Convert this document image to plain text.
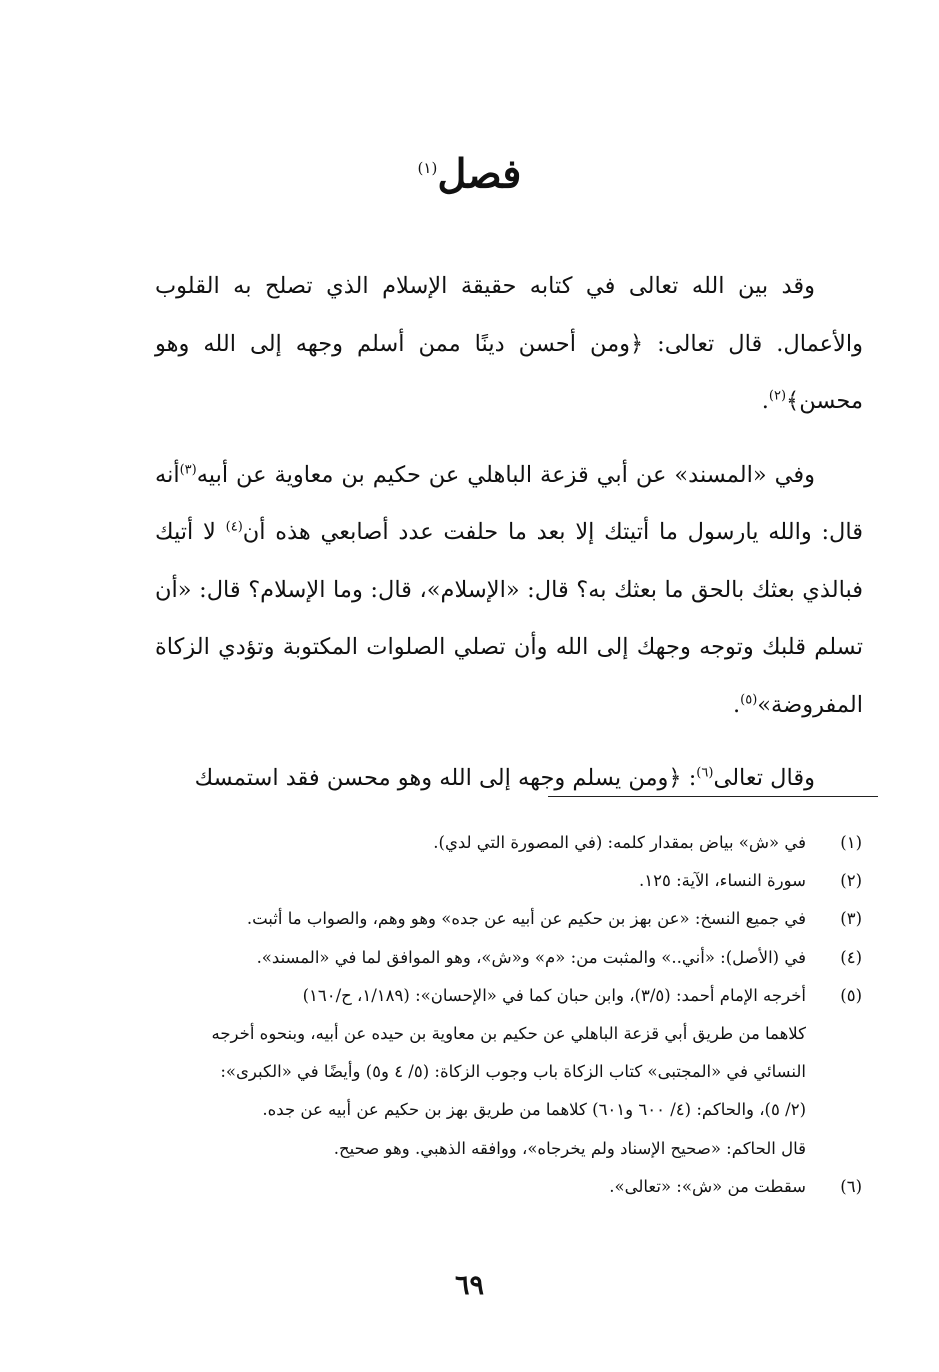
فصل$^{(١)}$

وقد بين الله تعالى في كتابه حقيقة الإسلام الذي تصلح به القلوب والأعمال. قال تعالى: ﴿ومن أحسن دينًا ممن أسلم وجهه إلى الله وهو محسن﴾$^{(٢)}$.

وفي «المسند» عن أبي قزعة الباهلي عن حكيم بن معاوية عن أبيه$^{(٣)}$أنه قال: والله يارسول ما أتيتك إلا بعد ما حلفت عدد أصابعي هذه أن$^{(٤)}$ لا أتيك فبالذي بعثك بالحق ما بعثك به؟ قال: «الإسلام»، قال: وما الإسلام؟ قال: «أن تسلم قلبك وتوجه وجهك إلى الله وأن تصلي الصلوات المكتوبة وتؤدي الزكاة المفروضة»$^{(٥)}$.

وقال تعالى$^{(٦)}$: ﴿ومن يسلم وجهه إلى الله وهو محسن فقد استمسك

(١)
في «ش» بياض بمقدار كلمه: (في المصورة التي لدي).
(٢)
سورة النساء، الآية: ١٢٥.
(٣)
في جميع النسخ: «عن بهز بن حكيم عن أبيه عن جده» وهو وهم، والصواب ما أثبت.
(٤)
في (الأصل): «أني..» والمثبت من: «م» و«ش»، وهو الموافق لما في «المسند».
(٥)
أخرجه الإمام أحمد: (٣/٥)، وابن حبان كما في «الإحسان»: (١/١٨٩، ح/١٦٠)
كلاهما من طريق أبي قزعة الباهلي عن حكيم بن معاوية بن حيده عن أبيه، وبنحوه أخرجه
النسائي في «المجتبى» كتاب الزكاة باب وجوب الزكاة: (٥/ ٤ و٥) وأيضًا في «الكبرى»:
(٢/ ٥)، والحاكم: (٤/ ٦٠٠ و٦٠١) كلاهما من طريق بهز بن حكيم عن أبيه عن جده.
قال الحاكم: «صحيح الإسناد ولم يخرجاه»، ووافقه الذهبي. وهو صحيح.
(٦)
سقطت من «ش»: «تعالى».
٦٩
